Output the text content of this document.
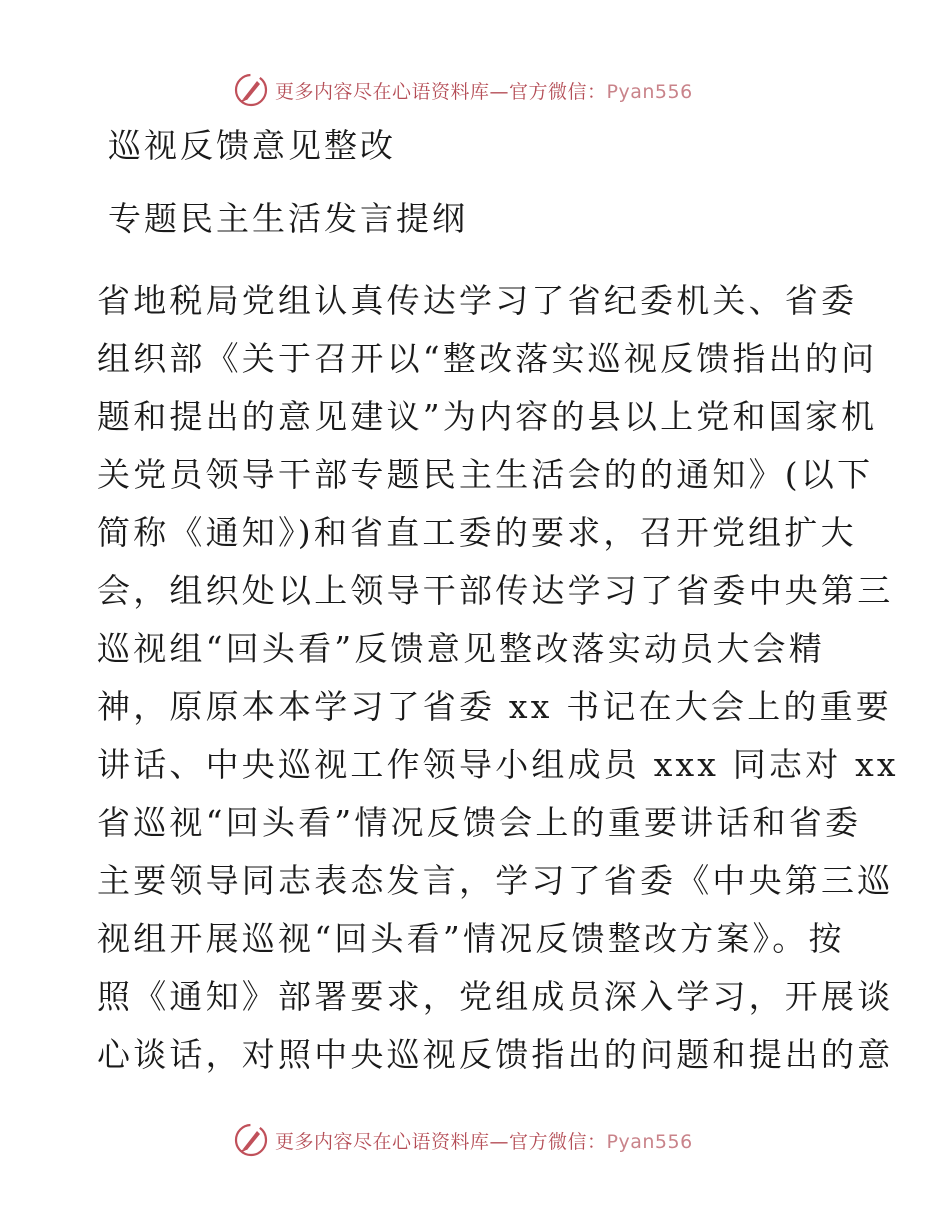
更多内容尽在心语资料库—官方微信：Pyan556
巡视反馈意见整改
专题民主生活发言提纲
省地税局党组认真传达学习了省纪委机关、省委
组织部《关于召开以“整改落实巡视反馈指出的问
题和提出的意见建议”为内容的县以上党和国家机
关党员领导干部专题民主生活会的的通知》(以下
简称《通知》)和省直工委的要求，召开党组扩大
会，组织处以上领导干部传达学习了省委中央第三
巡视组“回头看”反馈意见整改落实动员大会精
神，原原本本学习了省委 xx 书记在大会上的重要
讲话、中央巡视工作领导小组成员 xxx 同志对 xx
省巡视“回头看”情况反馈会上的重要讲话和省委
主要领导同志表态发言，学习了省委《中央第三巡
视组开展巡视“回头看”情况反馈整改方案》。按
照《通知》部署要求，党组成员深入学习，开展谈
心谈话，对照中央巡视反馈指出的问题和提出的意
更多内容尽在心语资料库—官方微信：Pyan556
